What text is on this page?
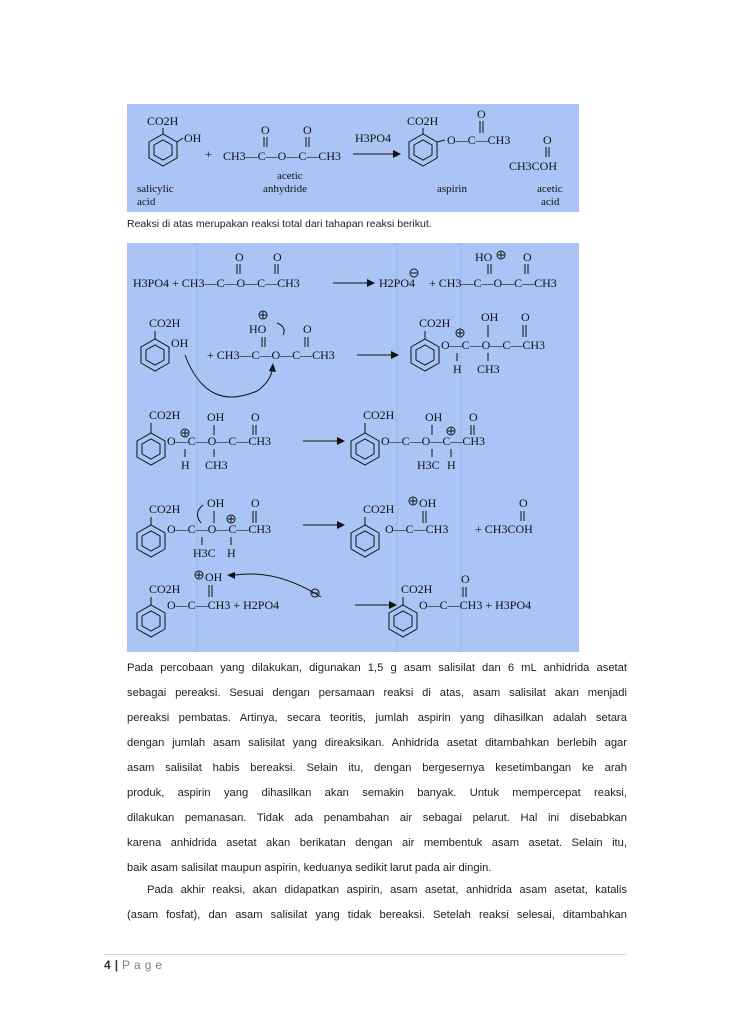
CO2H
OH
salicylic
acid
+
O	O
CH3—C—O—C—CH3
acetic
anhydride
H3PO4
CO2H	O
O—C—CH3
aspirin
O
CH3COH
acetic
acid
Reaksi di atas merupakan reaksi total dari tahapan reaksi berikut.
O O
H3PO4 + CH3—C—O—C—CH3	H2PO4 + CH3—C—O—C—CH3
HO	O
CO2H
OH
HO	O
+ CH3—C—O—C—CH3
CO2H	OH O
O—C—O—C—CH3
H CH3
CO2H OH O
O—C—O—C—CH3
H CH3
CO2H	OH O
O—C—O—C—CH3
H3C H
CO2H OH O
O—C—O—C—CH3
H3C H
CO2H OH
O—C—CH3
O
+ CH3COH
CO2H
OH
O—C—CH3 + H2PO4
CO2H
O
O—C—CH3 + H3PO4
Pada percobaan yang dilakukan, digunakan 1,5 g asam salisilat dan 6 mL anhidrida asetat
sebagai pereaksi. Sesuai dengan persamaan reaksi di atas, asam salisilat akan menjadi
pereaksi pembatas. Artinya, secara teoritis, jumlah aspirin yang dihasilkan adalah setara
dengan jumlah asam salisilat yang direaksikan. Anhidrida asetat ditambahkan berlebih agar
asam salisilat habis bereaksi. Selain itu, dengan bergesernya kesetimbangan ke arah
produk, aspirin yang dihasilkan akan semakin banyak. Untuk mempercepat reaksi,
dilakukan pemanasan. Tidak ada penambahan air sebagai pelarut. Hal ini disebabkan
karena anhidrida asetat akan berikatan dengan air membentuk asam asetat. Selain itu,
baik asam salisilat maupun aspirin, keduanya sedikit larut pada air dingin.
Pada akhir reaksi, akan didapatkan aspirin, asam asetat, anhidrida asam asetat, katalis
(asam fosfat), dan asam salisilat yang tidak bereaksi. Setelah reaksi selesai, ditambahkan
4 | Page
